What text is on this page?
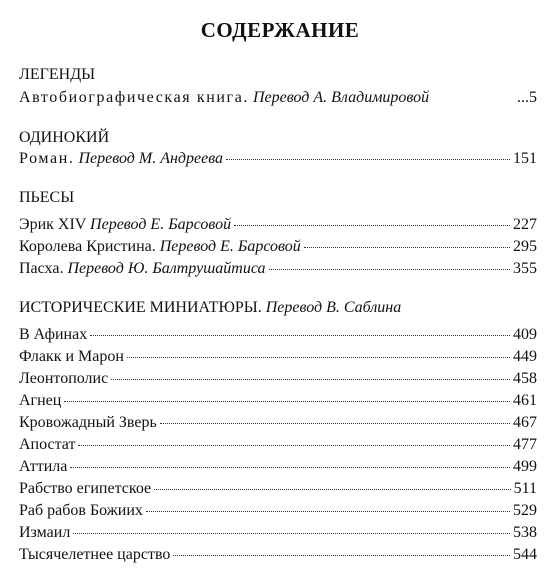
СОДЕРЖАНИЕ
ЛЕГЕНДЫ
Автобиографическая книга. Перевод А. Владимировой	...5
ОДИНОКИЙ
Роман. Перевод М. Андреева	151
ПЬЕСЫ
Эрик XIV Перевод Е. Барсовой	227
Королева Кристина. Перевод Е. Барсовой	295
Пасха. Перевод Ю. Балтрушайтиса	355
ИСТОРИЧЕСКИЕ МИНИАТЮРЫ. Перевод В. Саблина
В Афинах	409
Флакк и Марон	449
Леонтополис	458
Агнец	461
Кровожадный Зверь	467
Апостат	477
Аттила	499
Рабство египетское	511
Раб рабов Божиих	529
Измаил	538
Тысячелетнее царство	544
